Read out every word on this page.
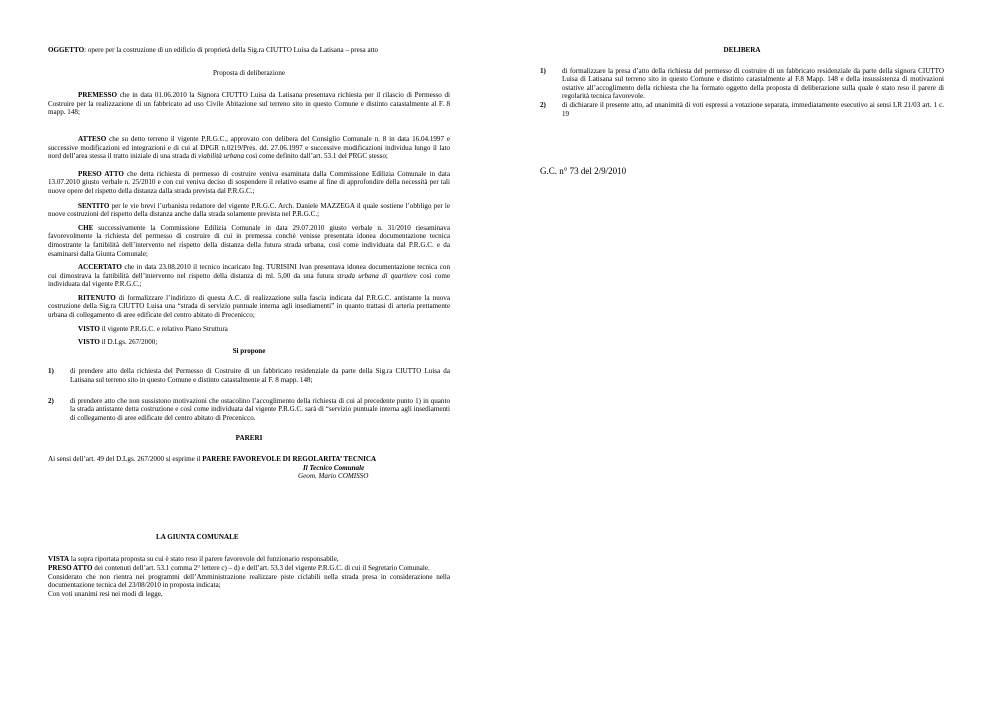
OGGETTO: opere per la costruzione di un edificio di proprietà della Sig.ra CIUTTO Luisa da Latisana – presa atto

Proposta di deliberazione

PREMESSO che in data 01.06.2010 la Signora CIUTTO Luisa da Latisana presentava richiesta per il rilascio di Permesso di Costruire per la realizzazione di un fabbricato ad uso Civile Abitazione sul terreno sito in questo Comune e distinto catastalmente al F. 8 mapp. 148;

ATTESO che su detto terreno il vigente P.R.G.C., approvato con delibera del Consiglio Comunale n. 8 in data 16.04.1997 e successive modificazioni ed integrazioni e di cui al DPGR n.0219/Pres. dd. 27.06.1997 e successive modificazioni individua lungo il lato nord dell’area stessa il tratto iniziale di una strada di viabilità urbana così come definito dall’art. 53.1 del PRGC stesso;

PRESO ATTO che detta richiesta di permesso di costruire veniva esaminata dalla Commissione Edilizia Comunale in data 13.07.2010 giusto verbale n. 25/2010 e con cui veniva deciso di sospendere il relativo esame al fine di approfondire della necessità per tali nuove opere del rispetto della distanza dalla strada prevista dal P.R.G.C.;

SENTITO per le vie brevi l’urbanista redattore del vigente P.R.G.C. Arch. Daniele MAZZEGA il quale sostiene l’obbligo per le nuove costruzioni del rispetto della distanza anche dalla strada solamente prevista nel P.R.G.C.;

CHE successivamente la Commissione Edilizia Comunale in data 29.07.2010 giusto verbale n. 31/2010 riesaminava favorevolmente la richiesta del permesso di costruire di cui in premessa conchè venisse presentata idonea documentazione tecnica dimostrante la fattibilità dell’intervento nel rispetto della distanza della futura strada urbana, così come individuata dal P.R.G.C. e da esaminarsi dalla Giunta Comunale;

ACCERTATO che in data 23.08.2010 il tecnico incaricato Ing. TURISINI Ivan presentava idonea documentazione tecnica con cui dimostrava la fattibilità dell’intervento nel rispetto della distanza di ml. 5,00 da una futura strada urbana di quartiere così come individuata dal vigente P.R.G.C.;

RITENUTO di formalizzare l’indirizzo di questa A.C. di realizzazione sulla fascia indicata dal P.R.G.C. antistante la nuova costruzione della Sig.ra CIUTTO Luisa una “strada di servizio puntuale interna agli insediamenti” in quanto trattasi di arteria prettamente urbana di collegamento di aree edificate del centro abitato di Precenicco;

VISTO il vigente P.R.G.C. e relativo Piano Struttura

VISTO il D.Lgs. 267/2000;

Si propone

1)	di prendere atto della richiesta del Permesso di Costruire di un fabbricato residenziale da parte della Sig.ra CIUTTO Luisa da Latisana sul terreno sito in questo Comune e distinto catastalmente al F. 8 mapp. 148;
2)	di prendere atto che non sussistono motivazioni che ostacolino l’accoglimento della richiesta di cui al precedente punto 1) in quanto la strada antistante detta costruzione e così come individuata dal vigente P.R.G.C. sarà di “servizio puntuale interna agli insediamenti di collegamento di aree edificate del centro abitato di Precenicco.

PARERI

Ai sensi dell’art. 49 del D.Lgs. 267/2000 si esprime il PARERE FAVOREVOLE DI REGOLARITA’ TECNICA

Il Tecnico Comunale

Geom. Mario COMISSO

LA GIUNTA COMUNALE

VISTA la sopra riportata proposta su cui è stato reso il parere favorevole del funzionario responsabile,

PRESO ATTO dei contenuti dell’art. 53.1 comma 2° lettere c) – d) e dell’art. 53.3 del vigente P.R.G.C. di cui il Segretario Comunale.

Considerato che non rientra nei programmi dell’Amministrazione realizzare piste ciclabili nella strada presa in considerazione nella documentazione tecnica del 23/08/2010 in proposta indicata;

Con voti unanimi resi nei modi di legge,

DELIBERA

1)	di formalizzare la presa d’atto della richiesta del permesso di costruire di un fabbricato residenziale da parte della signora CIUTTO Luisa di Latisana sul terreno sito in questo Comune e distinto catastalmente al F.8 Mapp. 148 e della insussistenza di motivazioni ostative all’accoglimento della richiesta che ha formato oggetto della proposta di deliberazione sulla quale è stato reso il parere di regolarità tecnica favorevole.
2)	di dichiarare il presente atto, ad unanimità di voti espressi a votazione separata, immediatamente esecutivo ai sensi LR 21/03 art. 1 c. 19

G.C. n° 73 del 2/9/2010
